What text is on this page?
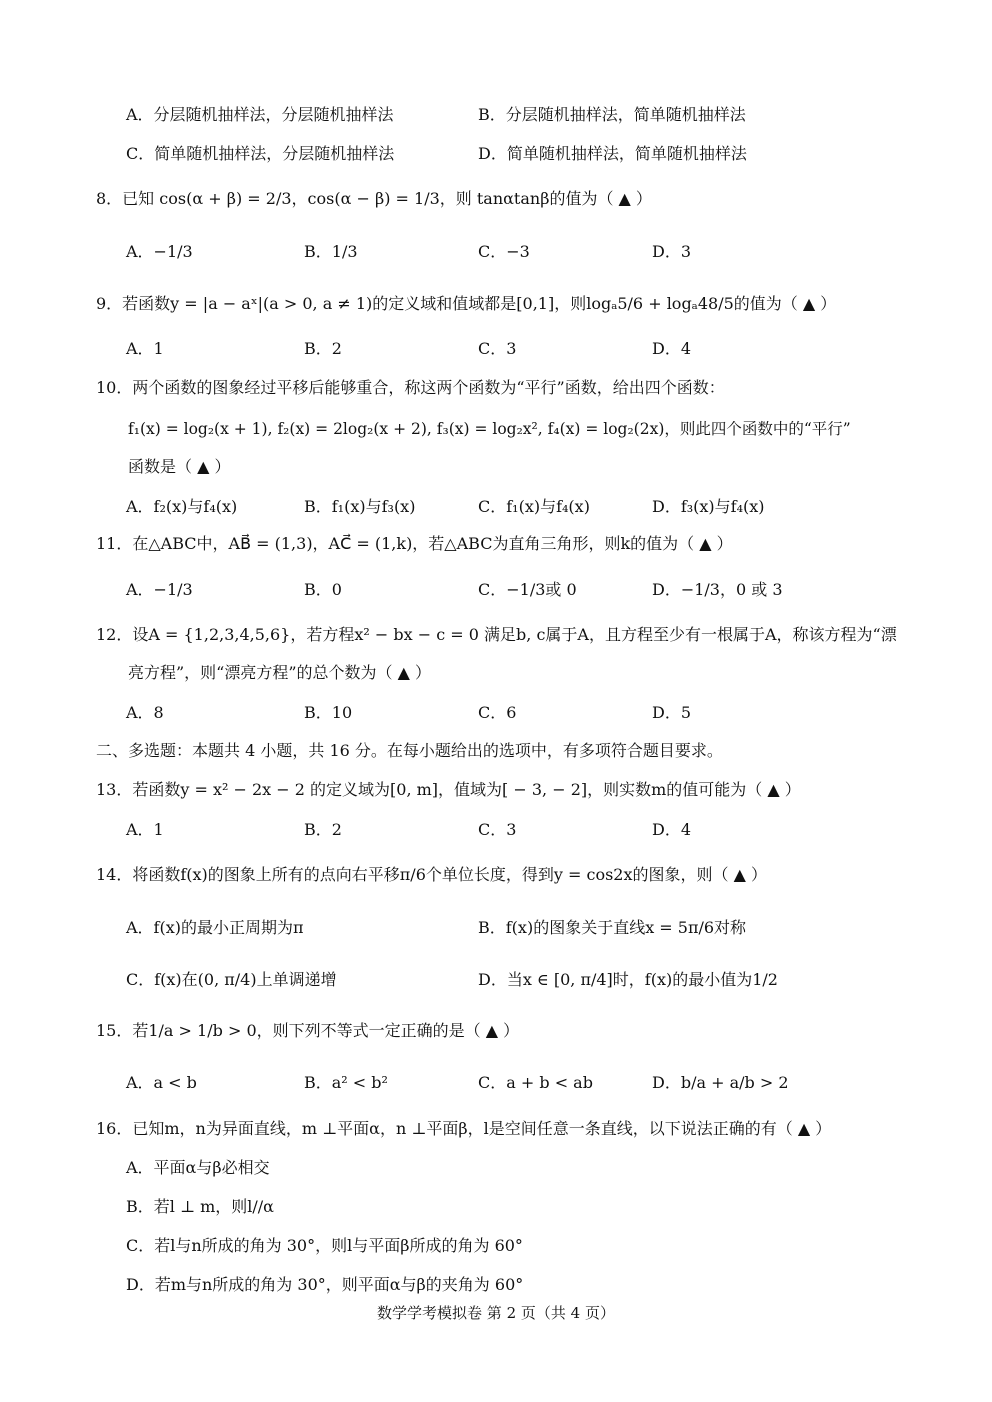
A．分层随机抽样法，分层随机抽样法	B．分层随机抽样法，简单随机抽样法
C．简单随机抽样法，分层随机抽样法	D．简单随机抽样法，简单随机抽样法
8．已知 cos(α + β) = 2/3，cos(α − β) = 1/3，则 tanαtanβ的值为（ ▲ ）
A．−1/3	B．1/3	C．−3	D．3
9．若函数y = |a − aˣ|(a > 0, a ≠ 1)的定义域和值域都是[0,1]，则logₐ5/6 + logₐ48/5的值为（ ▲ ）
A．1	B．2	C．3	D．4
10．两个函数的图象经过平移后能够重合，称这两个函数为“平行”函数，给出四个函数：
f₁(x) = log₂(x + 1), f₂(x) = 2log₂(x + 2), f₃(x) = log₂x², f₄(x) = log₂(2x)，则此四个函数中的“平行”
函数是（ ▲ ）
A．f₂(x)与f₄(x)	B．f₁(x)与f₃(x)	C．f₁(x)与f₄(x)	D．f₃(x)与f₄(x)
11．在△ABC中，AB⃗ = (1,3)，AC⃗ = (1,k)，若△ABC为直角三角形，则k的值为（ ▲ ）
A．−1/3	B．0	C．−1/3或 0	D．−1/3，0 或 3
12．设A = {1,2,3,4,5,6}，若方程x² − bx − c = 0 满足b, c属于A，且方程至少有一根属于A，称该方程为“漂
亮方程”，则“漂亮方程”的总个数为（ ▲ ）
A．8	B．10	C．6	D．5
二、多选题：本题共 4 小题，共 16 分。在每小题给出的选项中，有多项符合题目要求。
13．若函数y = x² − 2x − 2 的定义域为[0, m]，值域为[ − 3, − 2]，则实数m的值可能为（ ▲ ）
A．1	B．2	C．3	D．4
14．将函数f(x)的图象上所有的点向右平移π/6个单位长度，得到y = cos2x的图象，则（ ▲ ）
A．f(x)的最小正周期为π	B．f(x)的图象关于直线x = 5π/6对称
C．f(x)在(0, π/4)上单调递增	D．当x ∈ [0, π/4]时，f(x)的最小值为1/2
15．若1/a > 1/b > 0，则下列不等式一定正确的是（ ▲ ）
A．a < b	B．a² < b²	C．a + b < ab	D．b/a + a/b > 2
16．已知m，n为异面直线，m ⊥平面α，n ⊥平面β，l是空间任意一条直线，以下说法正确的有（ ▲ ）
A．平面α与β必相交
B．若l ⊥ m，则l//α
C．若l与n所成的角为 30°，则l与平面β所成的角为 60°
D．若m与n所成的角为 30°，则平面α与β的夹角为 60°
数学学考模拟卷 第 2 页（共 4 页）
